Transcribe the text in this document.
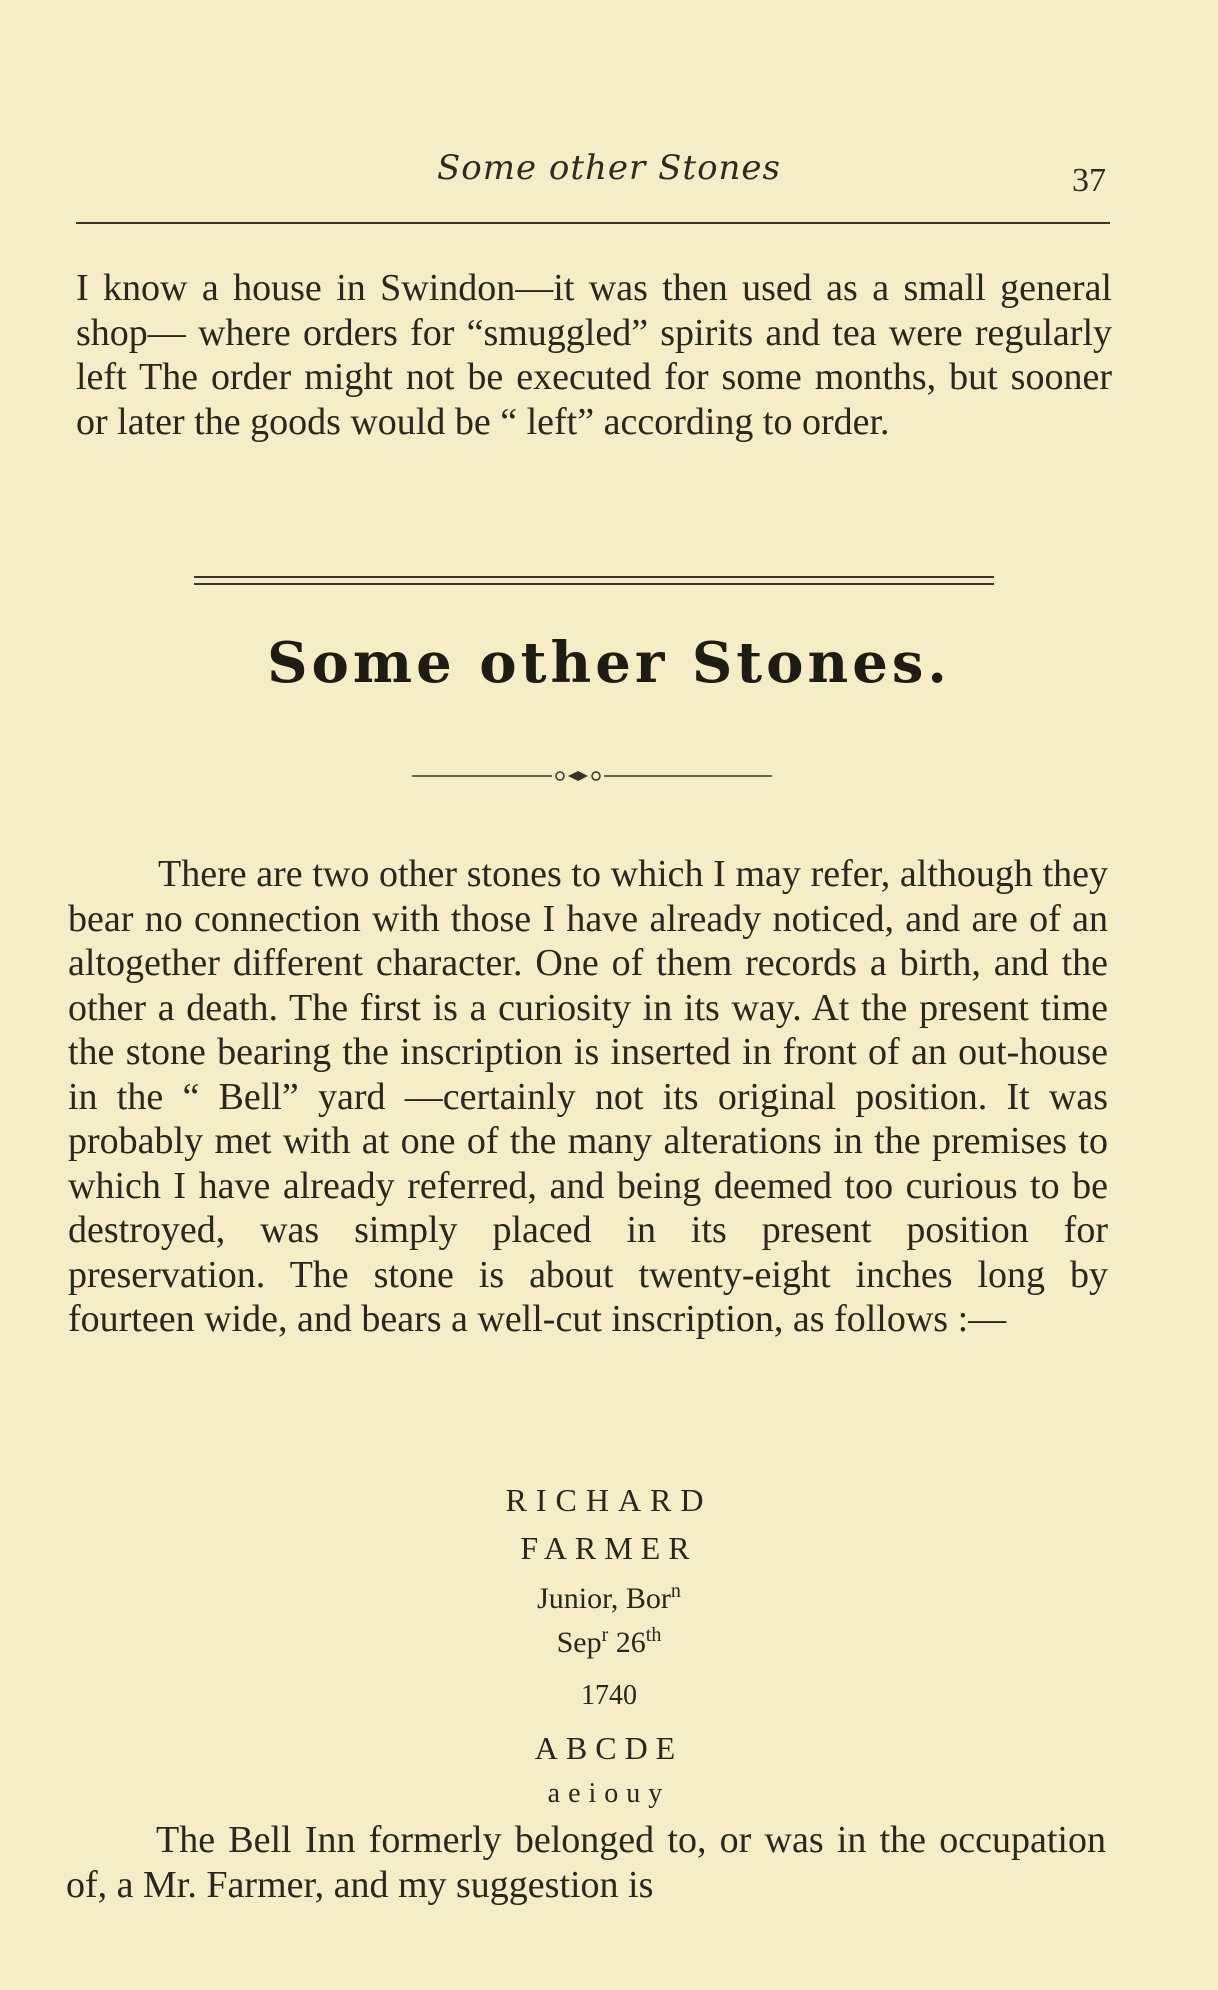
Some other Stones	37
I know a house in Swindon—it was then used as a small general shop— where orders for “smuggled” spirits and tea were regularly left The order might not be executed for some months, but sooner or later the goods would be “ left” according to order.
Some other Stones.
There are two other stones to which I may refer, although they bear no connection with those I have already noticed, and are of an altogether different character. One of them records a birth, and the other a death. The first is a curiosity in its way. At the present time the stone bearing the inscription is inserted in front of an out-house in the “ Bell” yard —certainly not its original position. It was probably met with at one of the many alterations in the premises to which I have already referred, and being deemed too curious to be destroyed, was simply placed in its present position for preservation. The stone is about twenty-eight inches long by fourteen wide, and bears a well-cut inscription, as follows :—
RICHARD
FARMER
Junior, Bor$^n$
Sep$^r$ 26th
1740
ABCDE
aeiouy
The Bell Inn formerly belonged to, or was in the occupation of, a Mr. Farmer, and my suggestion is
